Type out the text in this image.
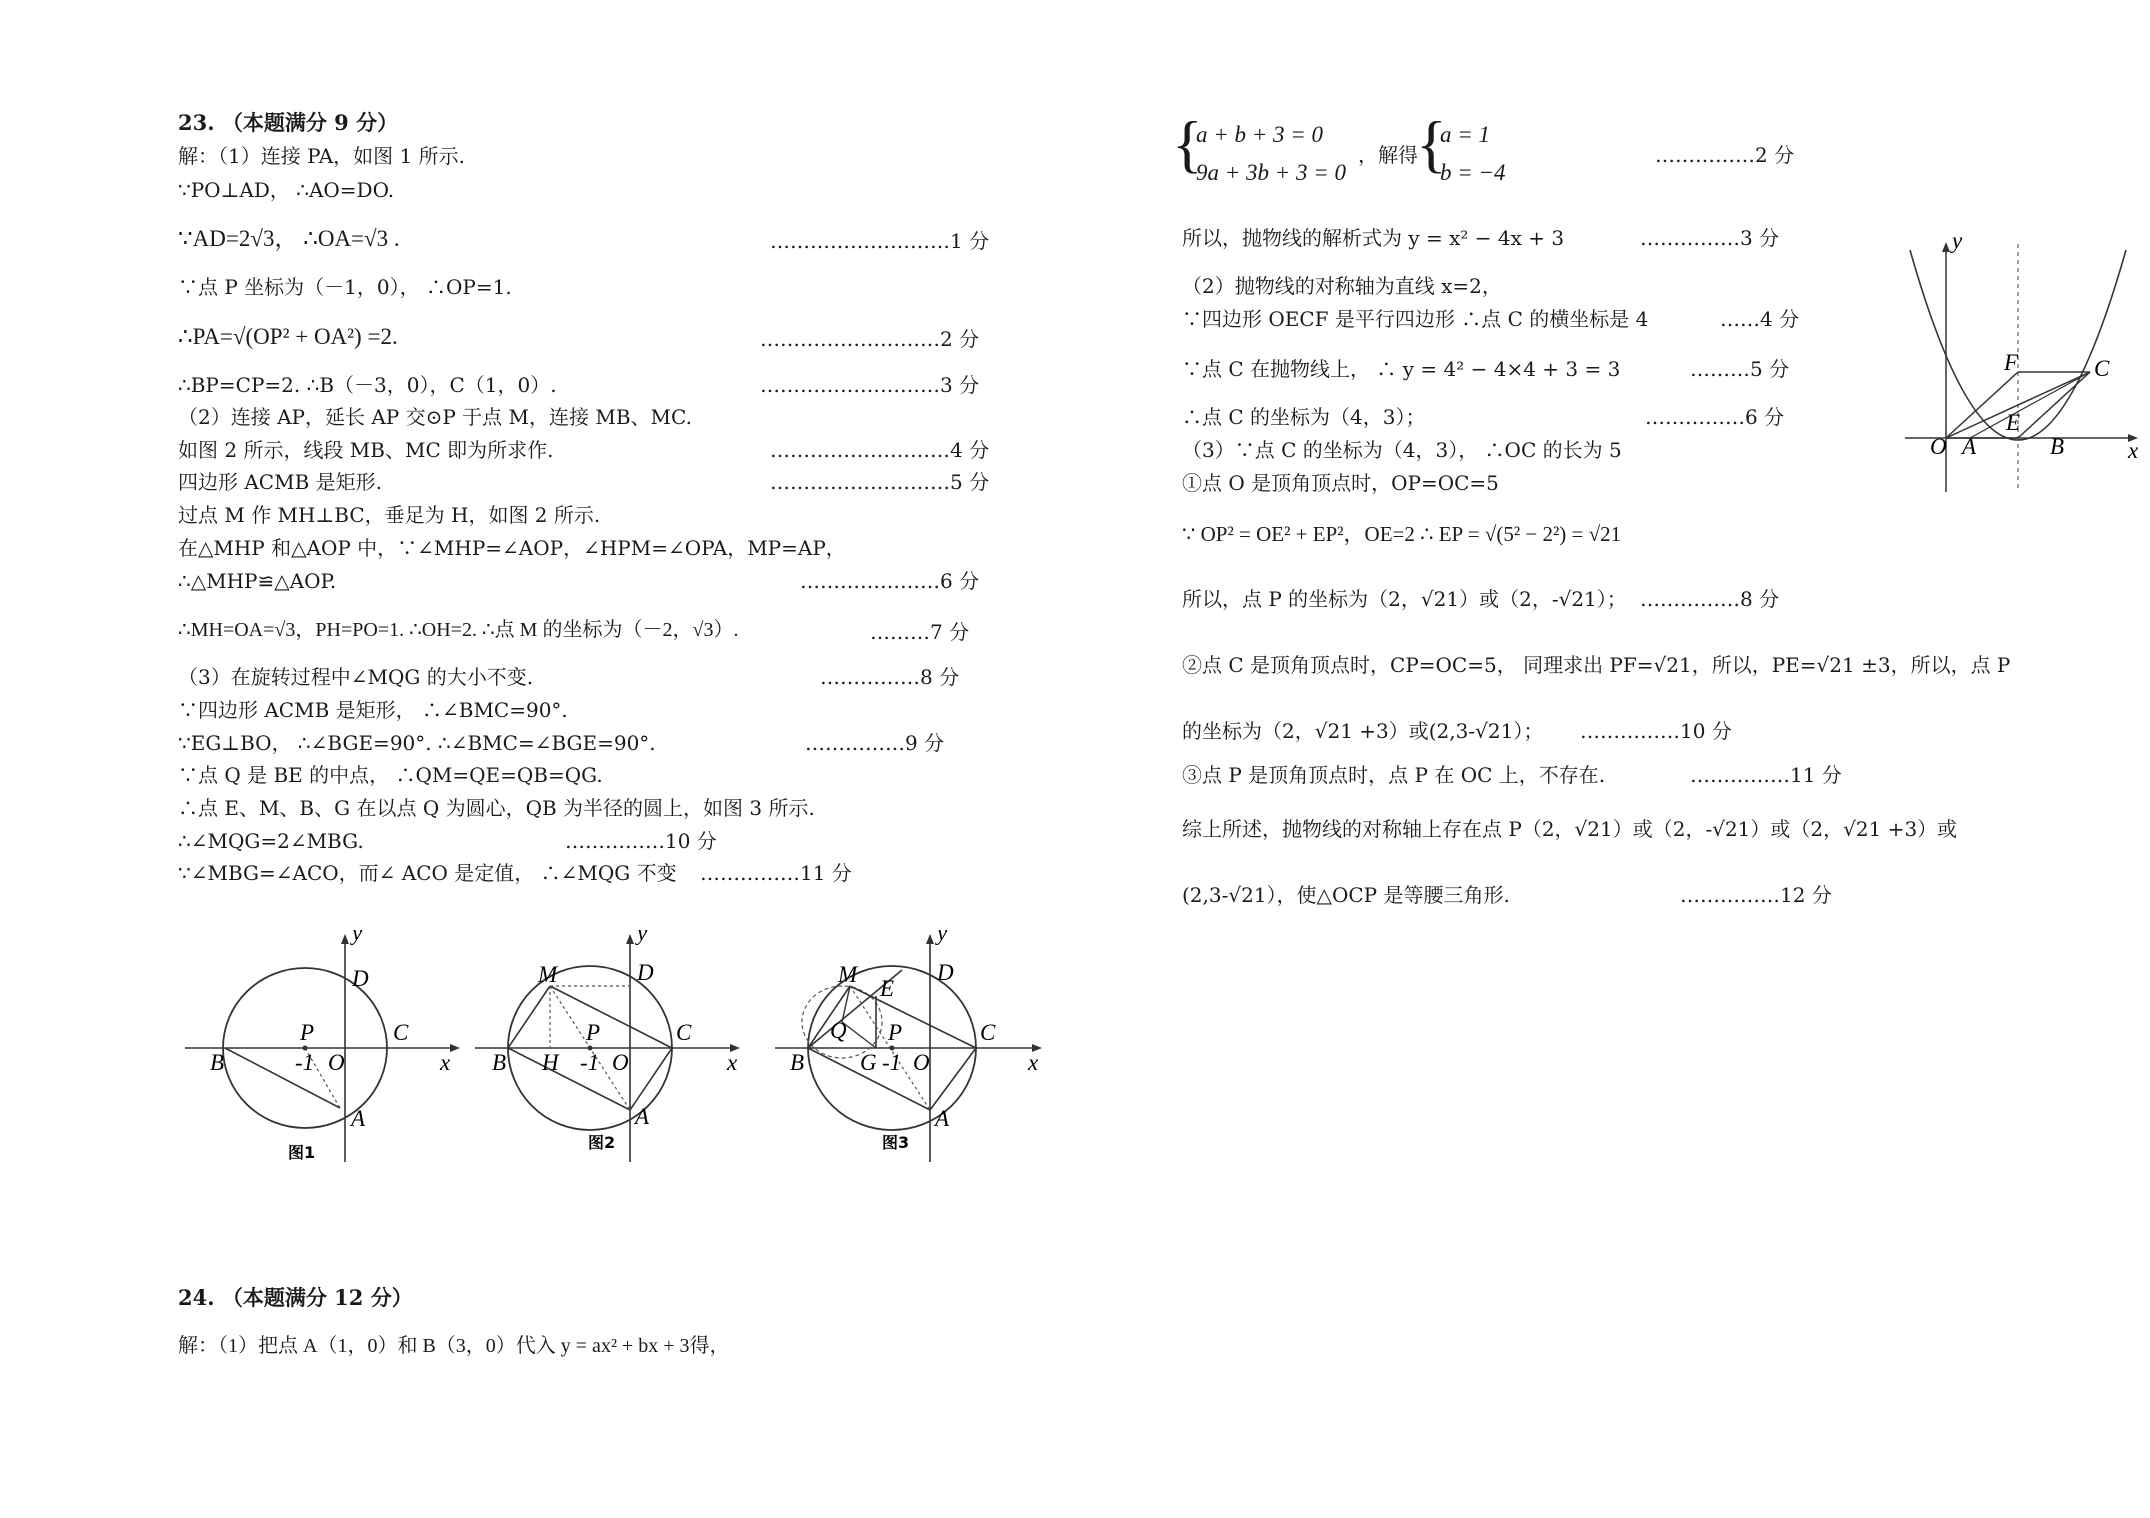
23. （本题满分 9 分）
解：（1）连接 PA，如图 1 所示.
∵PO⊥AD， ∴AO=DO.
∵AD=2√3， ∴OA=√3 .	………………………1 分
∵点 P 坐标为（－1，0）， ∴OP=1.
∴PA=√(OP² + OA²) =2.	………………………2 分
∴BP=CP=2. ∴B（－3，0），C（1，0）.	………………………3 分
（2）连接 AP，延长 AP 交⊙P 于点 M，连接 MB、MC.
如图 2 所示，线段 MB、MC 即为所求作.	………………………4 分
四边形 ACMB 是矩形.	………………………5 分
过点 M 作 MH⊥BC，垂足为 H，如图 2 所示.
在△MHP 和△AOP 中，∵∠MHP=∠AOP，∠HPM=∠OPA，MP=AP，
∴△MHP≌△AOP.	…………………6 分
∴MH=OA=√3，PH=PO=1. ∴OH=2. ∴点 M 的坐标为（－2，√3）.	………7 分
（3）在旋转过程中∠MQG 的大小不变.	……………8 分
∵四边形 ACMB 是矩形， ∴∠BMC=90°.
∵EG⊥BO， ∴∠BGE=90°. ∴∠BMC=∠BGE=90°.	……………9 分
∵点 Q 是 BE 的中点， ∴QM=QE=QB=QG.
∴点 E、M、B、G 在以点 Q 为圆心，QB 为半径的圆上，如图 3 所示.
∴∠MQG=2∠MBG.	……………10 分
∵∠MBG=∠ACO，而∠ ACO 是定值， ∴∠MQG 不变 ……………11 分
y
x
D
P
-1 O
C
B
A
图1
y
x
M	D
P
B H -1 O
C
A
图2
y
x
M
E
D
Q P
B G -1 O
C
A
图3
24. （本题满分 12 分）
解：（1）把点 A（1，0）和 B（3，0）代入 y = ax² + bx + 3得，
{
a + b + 3 = 0
9a + 3b + 3 = 0
，解得
{
a = 1
b = −4
……………2 分
所以，抛物线的解析式为 y = x² − 4x + 3	……………3 分
（2）抛物线的对称轴为直线 x=2，
∵四边形 OECF 是平行四边形 ∴点 C 的横坐标是 4	……4 分
∵点 C 在抛物线上， ∴ y = 4² − 4×4 + 3 = 3	………5 分
∴点 C 的坐标为（4，3）；	……………6 分
（3）∵点 C 的坐标为（4，3）， ∴OC 的长为 5
①点 O 是顶角顶点时，OP=OC=5
∵ OP² = OE² + EP²，OE=2 ∴ EP = √(5² − 2²) = √21
所以，点 P 的坐标为（2，√21）或（2，-√21）； ……………8 分
②点 C 是顶角顶点时，CP=OC=5， 同理求出 PF=√21，所以，PE=√21 ±3，所以，点 P
的坐标为（2，√21 +3）或(2,3-√21）； ……………10 分
③点 P 是顶角顶点时，点 P 在 OC 上，不存在.	……………11 分
综上所述，抛物线的对称轴上存在点 P（2，√21）或（2，-√21）或（2，√21 +3）或
(2,3-√21），使△OCP 是等腰三角形.	……………12 分
y
x
F	C
E
O A	B
